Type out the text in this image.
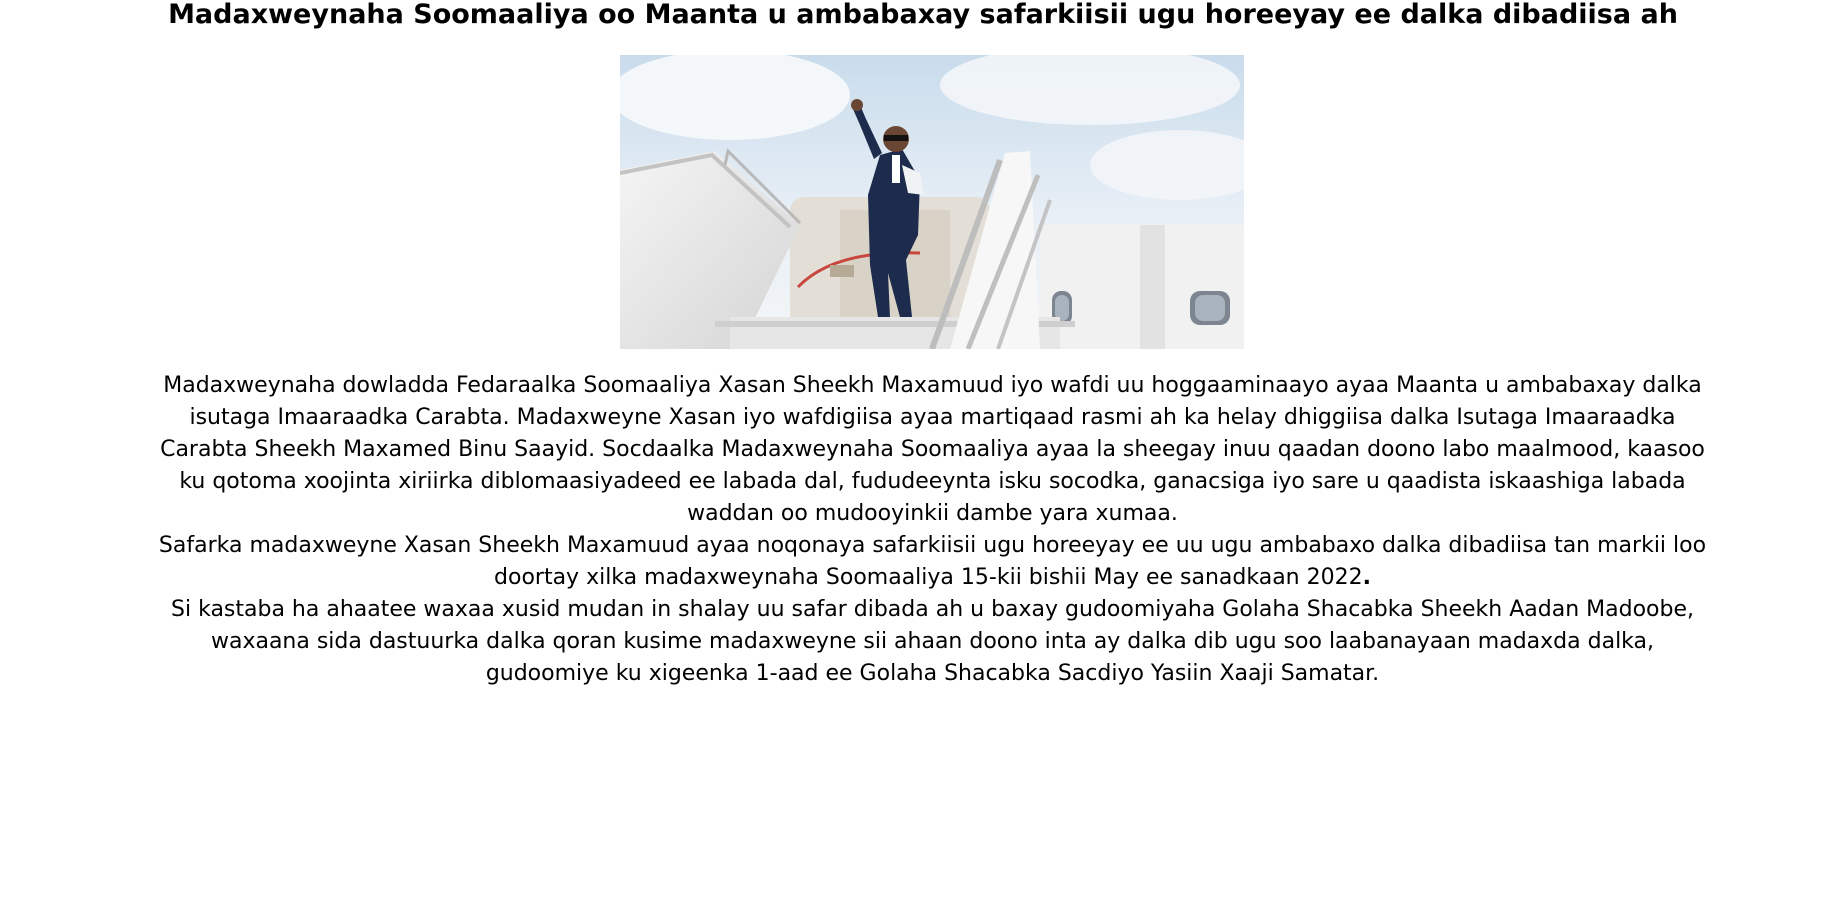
Madaxweynaha Soomaaliya oo Maanta u ambabaxay safarkiisii ugu horeeyay ee dalka dibadiisa ah

Madaxweynaha dowladda Fedaraalka Soomaaliya Xasan Sheekh Maxamuud iyo wafdi uu hoggaaminaayo ayaa Maanta u ambabaxay dalka isutaga Imaaraadka Carabta. Madaxweyne Xasan iyo wafdigiisa ayaa martiqaad rasmi ah ka helay dhiggiisa dalka Isutaga Imaaraadka Carabta Sheekh Maxamed Binu Saayid. Socdaalka Madaxweynaha Soomaaliya ayaa la sheegay inuu qaadan doono labo maalmood, kaasoo ku qotoma xoojinta xiriirka diblomaasiyadeed ee labada dal, fududeeynta isku socodka, ganacsiga iyo sare u qaadista iskaashiga labada waddan oo mudooyinkii dambe yara xumaa.

Safarka madaxweyne Xasan Sheekh Maxamuud ayaa noqonaya safarkiisii ugu horeeyay ee uu ugu ambabaxo dalka dibadiisa tan markii loo doortay xilka madaxweynaha Soomaaliya 15-kii bishii May ee sanadkaan 2022.

Si kastaba ha ahaatee waxaa xusid mudan in shalay uu safar dibada ah u baxay gudoomiyaha Golaha Shacabka Sheekh Aadan Madoobe, waxaana sida dastuurka dalka qoran kusime madaxweyne sii ahaan doono inta ay dalka dib ugu soo laabanayaan madaxda dalka, gudoomiye ku xigeenka 1-aad ee Golaha Shacabka Sacdiyo Yasiin Xaaji Samatar.
